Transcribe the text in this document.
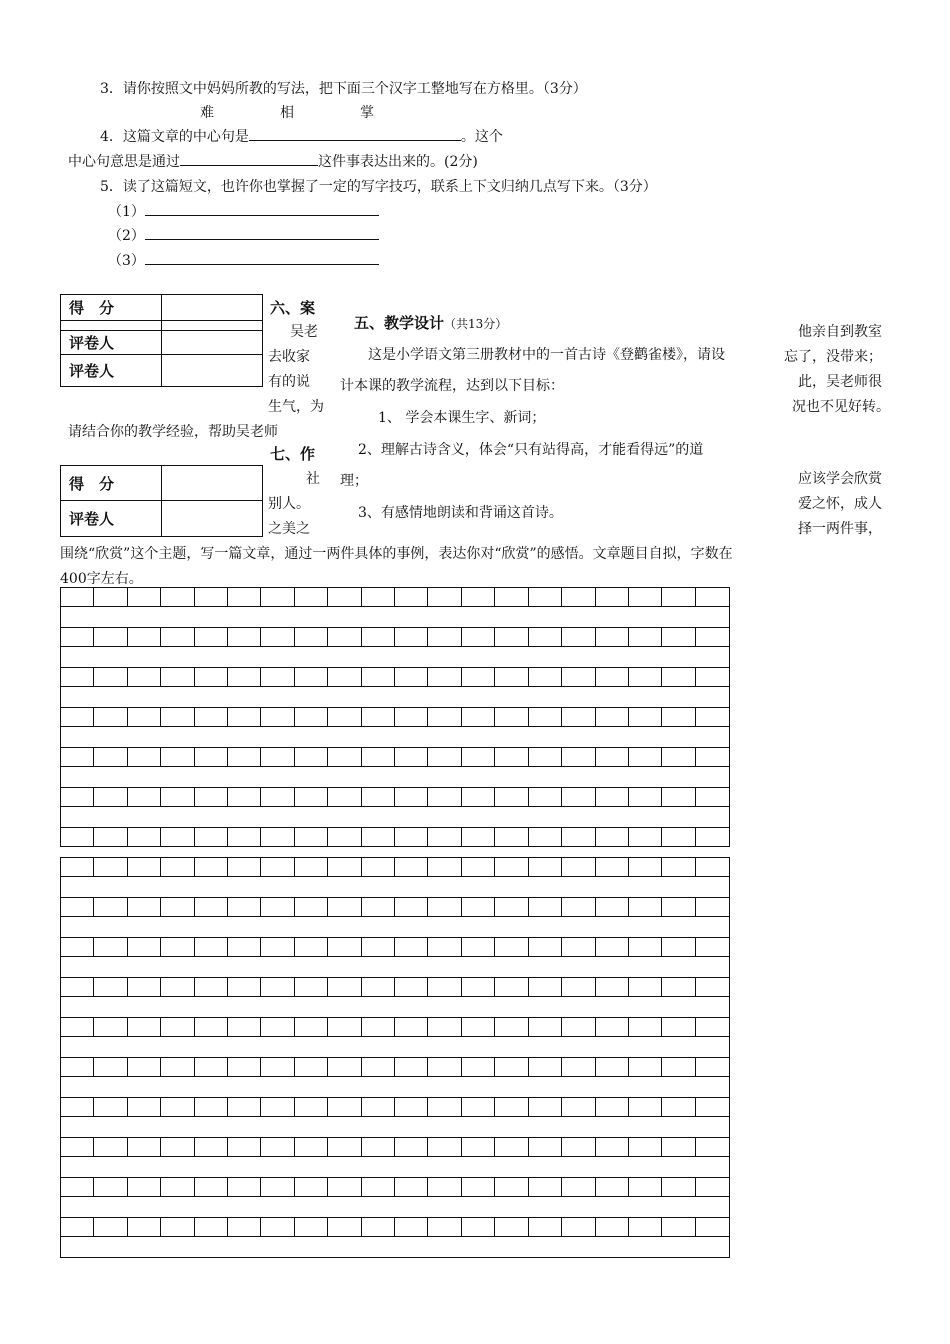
3．请你按照文中妈妈所教的写法，把下面三个汉字工整地写在方格里。（3分）
难	相	掌
4．这篇文章的中心句是	。这个
中心句意思是通过	这件事表达出来的。(2分)
5．读了这篇短文，也许你也掌握了一定的写字技巧，联系上下文归纳几点写下来。（3分）
（1）
（2）
（3）
得　分	

评卷人	
评卷人	
六、案
吴老
去收家
有的说
生气，为
他亲自到教室
忘了，没带来；
此，吴老师很
况也不见好转。
请结合你的教学经验，帮助吴老师
得　分	
评卷人	
七、作
社
别人。
之美之
应该学会欣赏
爱之怀，成人
择一两件事，
围绕“欣赏”这个主题，写一篇文章，通过一两件具体的事例，表达你对“欣赏”的感悟。文章题目自拟，字数在
400字左右。
五、教学设计（共13分）
这是小学语文第三册教材中的一首古诗《登鹳雀楼》，请设
计本课的教学流程，达到以下目标：
1、 学会本课生字、新词；
2、理解古诗含义，体会“只有站得高，才能看得远”的道
理；
3、有感情地朗读和背诵这首诗。
